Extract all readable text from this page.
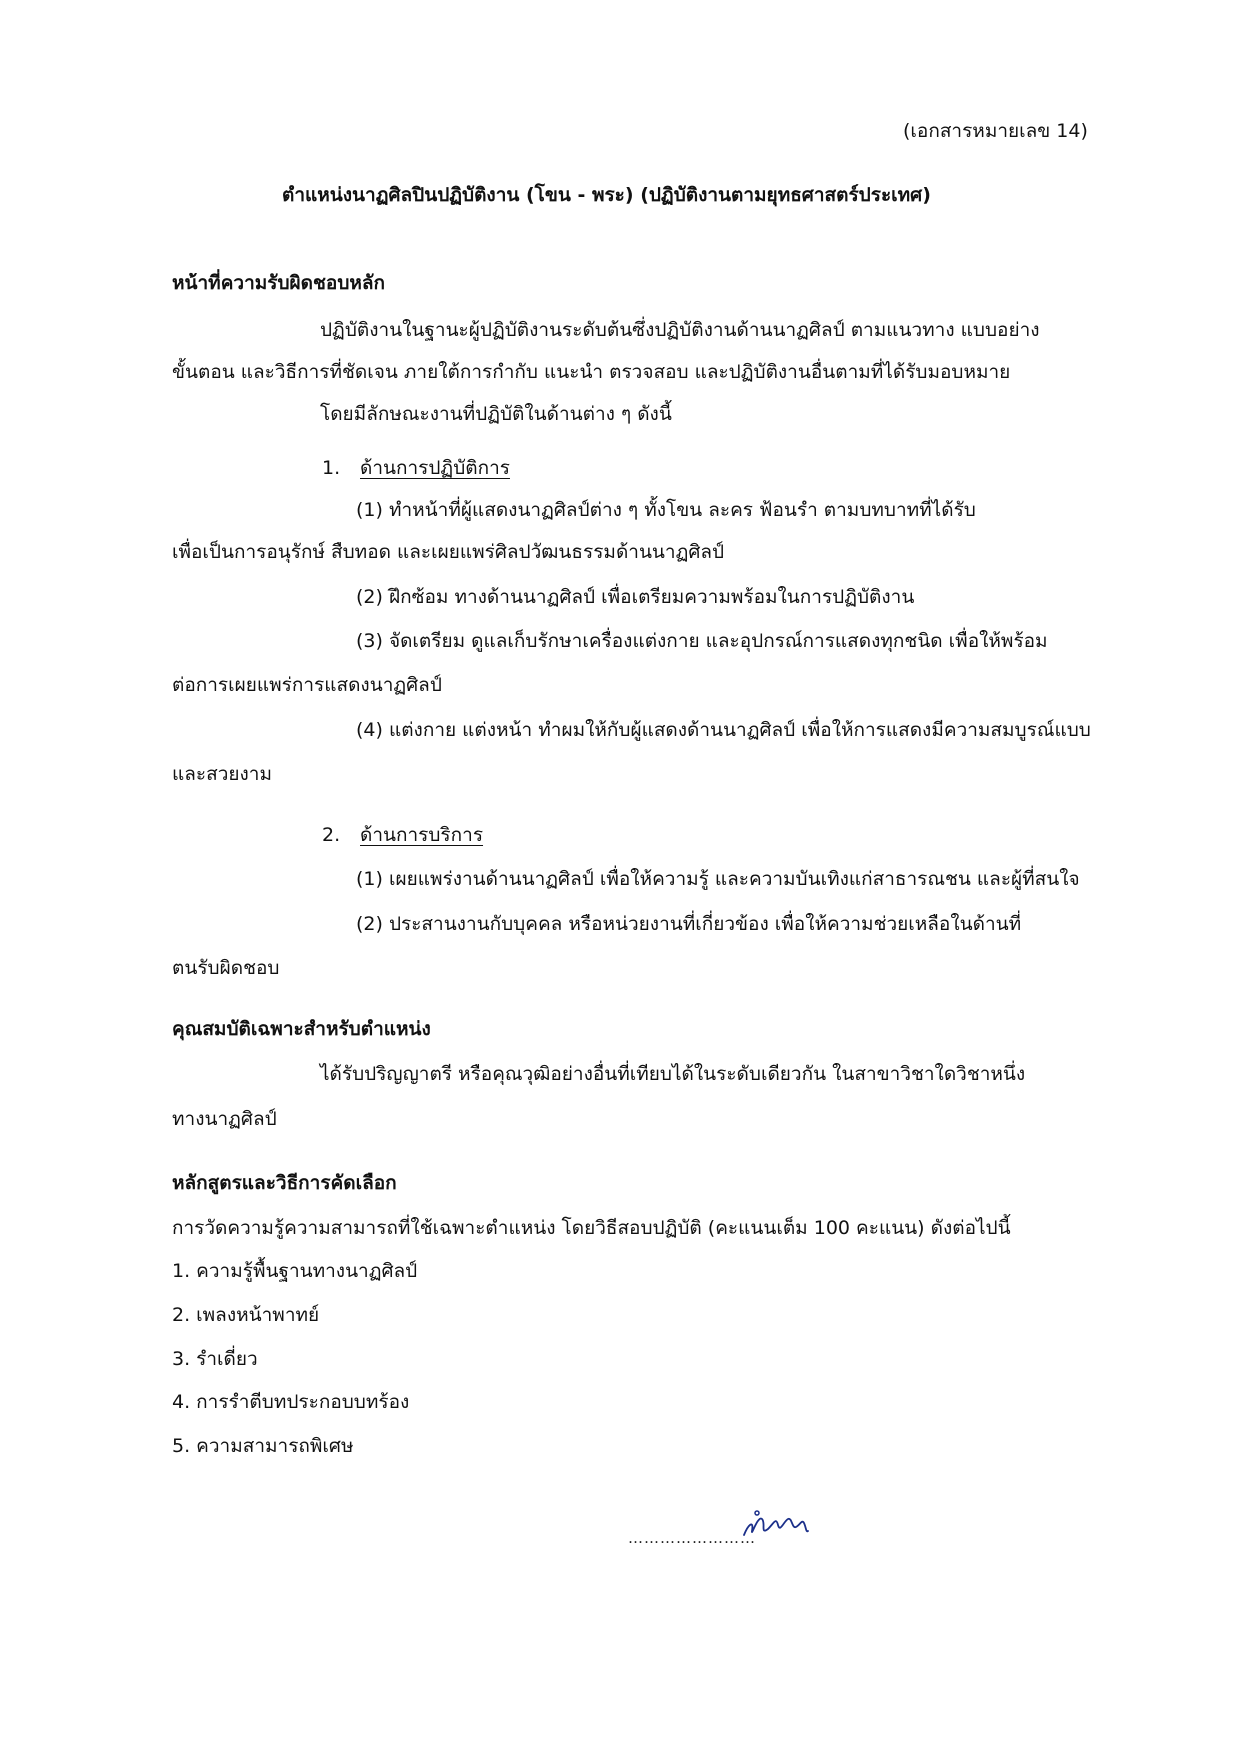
(เอกสารหมายเลข 14)
ตำแหน่งนาฏศิลปินปฏิบัติงาน (โขน - พระ) (ปฏิบัติงานตามยุทธศาสตร์ประเทศ)
หน้าที่ความรับผิดชอบหลัก
ปฏิบัติงานในฐานะผู้ปฏิบัติงานระดับต้นซึ่งปฏิบัติงานด้านนาฏศิลป์ ตามแนวทาง แบบอย่าง
ขั้นตอน และวิธีการที่ชัดเจน ภายใต้การกำกับ แนะนำ ตรวจสอบ และปฏิบัติงานอื่นตามที่ได้รับมอบหมาย
โดยมีลักษณะงานที่ปฏิบัติในด้านต่าง ๆ ดังนี้
1. ด้านการปฏิบัติการ
(1) ทำหน้าที่ผู้แสดงนาฏศิลป์ต่าง ๆ ทั้งโขน ละคร ฟ้อนรำ ตามบทบาทที่ได้รับ
เพื่อเป็นการอนุรักษ์ สืบทอด และเผยแพร่ศิลปวัฒนธรรมด้านนาฏศิลป์
(2) ฝึกซ้อม ทางด้านนาฏศิลป์ เพื่อเตรียมความพร้อมในการปฏิบัติงาน
(3) จัดเตรียม ดูแลเก็บรักษาเครื่องแต่งกาย และอุปกรณ์การแสดงทุกชนิด เพื่อให้พร้อม
ต่อการเผยแพร่การแสดงนาฏศิลป์
(4) แต่งกาย แต่งหน้า ทำผมให้กับผู้แสดงด้านนาฏศิลป์ เพื่อให้การแสดงมีความสมบูรณ์แบบ
และสวยงาม
2. ด้านการบริการ
(1) เผยแพร่งานด้านนาฏศิลป์ เพื่อให้ความรู้ และความบันเทิงแก่สาธารณชน และผู้ที่สนใจ
(2) ประสานงานกับบุคคล หรือหน่วยงานที่เกี่ยวข้อง เพื่อให้ความช่วยเหลือในด้านที่
ตนรับผิดชอบ
คุณสมบัติเฉพาะสำหรับตำแหน่ง
ได้รับปริญญาตรี หรือคุณวุฒิอย่างอื่นที่เทียบได้ในระดับเดียวกัน ในสาขาวิชาใดวิชาหนึ่ง
ทางนาฏศิลป์
หลักสูตรและวิธีการคัดเลือก
การวัดความรู้ความสามารถที่ใช้เฉพาะตำแหน่ง โดยวิธีสอบปฏิบัติ (คะแนนเต็ม 100 คะแนน) ดังต่อไปนี้
1. ความรู้พื้นฐานทางนาฏศิลป์
2. เพลงหน้าพาทย์
3. รำเดี่ยว
4. การรำตีบทประกอบบทร้อง
5. ความสามารถพิเศษ
……………………
